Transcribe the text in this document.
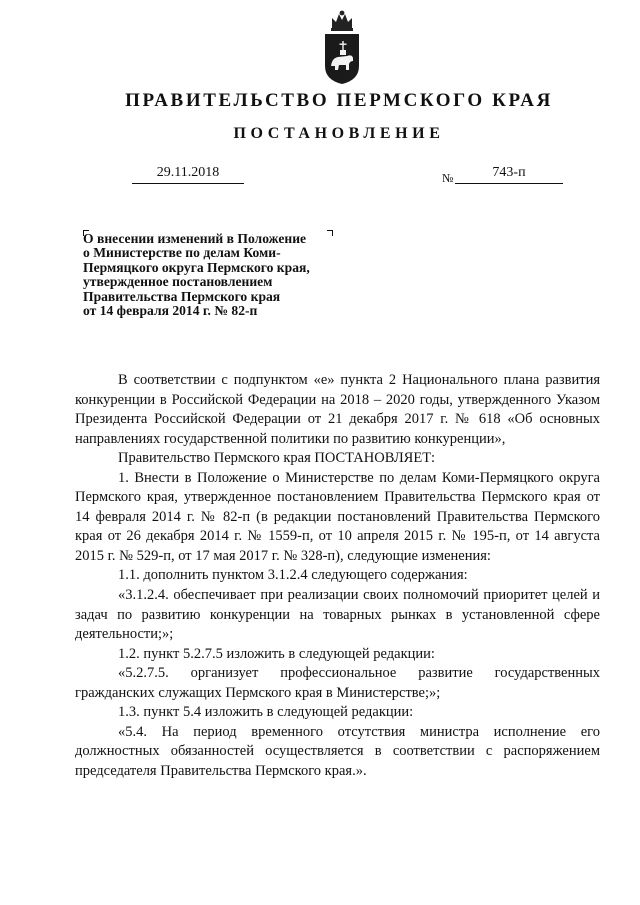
ПРАВИТЕЛЬСТВО ПЕРМСКОГО КРАЯ
ПОСТАНОВЛЕНИЕ
29.11.2018	№	743-п
О внесении изменений в Положение
о Министерстве по делам Коми-
Пермяцкого округа Пермского края,
утвержденное постановлением
Правительства Пермского края
от 14 февраля 2014 г. № 82-п

В соответствии с подпунктом «е» пункта 2 Национального плана развития конкуренции в Российской Федерации на 2018 – 2020 годы, утвержденного Указом Президента Российской Федерации от 21 декабря 2017 г. № 618 «Об основных направлениях государственной политики по развитию конкуренции»,

Правительство Пермского края ПОСТАНОВЛЯЕТ:

1. Внести в Положение о Министерстве по делам Коми-Пермяцкого округа Пермского края, утвержденное постановлением Правительства Пермского края от 14 февраля 2014 г. № 82-п (в редакции постановлений Правительства Пермского края от 26 декабря 2014 г. № 1559-п, от 10 апреля 2015 г. № 195-п, от 14 августа 2015 г. № 529-п, от 17 мая 2017 г. № 328-п), следующие изменения:

1.1. дополнить пунктом 3.1.2.4 следующего содержания:

«3.1.2.4. обеспечивает при реализации своих полномочий приоритет целей и задач по развитию конкуренции на товарных рынках в установленной сфере деятельности;»;

1.2. пункт 5.2.7.5 изложить в следующей редакции:

«5.2.7.5. организует профессиональное развитие государственных гражданских служащих Пермского края в Министерстве;»;

1.3. пункт 5.4 изложить в следующей редакции:

«5.4. На период временного отсутствия министра исполнение его должностных обязанностей осуществляется в соответствии с распоряжением председателя Правительства Пермского края.».
